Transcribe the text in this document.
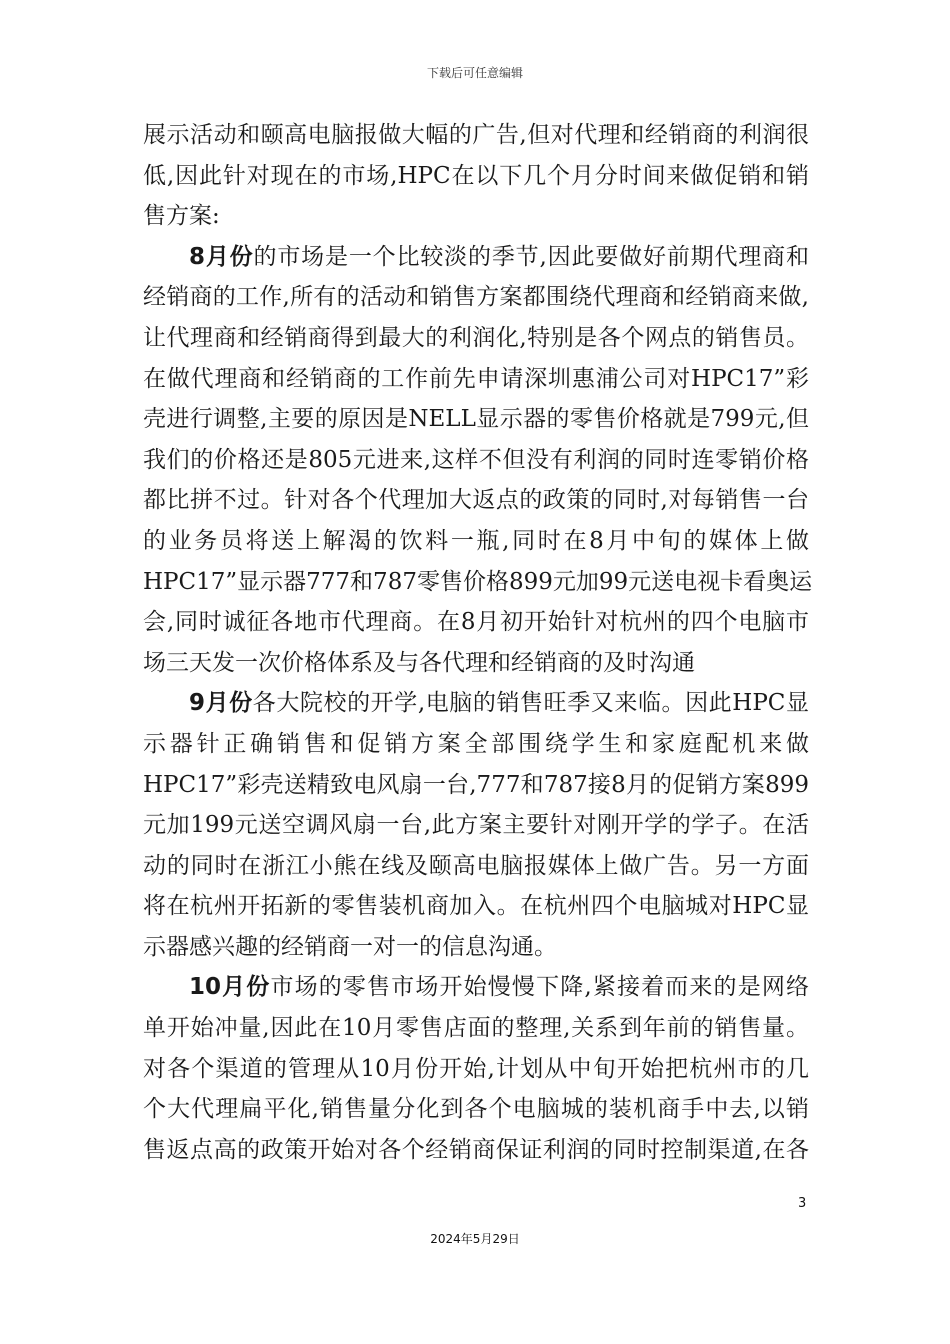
下载后可任意编辑
展示活动和颐高电脑报做大幅的广告,但对代理和经销商的利润很
低,因此针对现在的市场,HPC在以下几个月分时间来做促销和销
售方案:
8月份的市场是一个比较淡的季节,因此要做好前期代理商和
经销商的工作,所有的活动和销售方案都围绕代理商和经销商来做,
让代理商和经销商得到最大的利润化,特别是各个网点的销售员。
在做代理商和经销商的工作前先申请深圳惠浦公司对HPC17”彩
壳进行调整,主要的原因是NELL显示器的零售价格就是799元,但
我们的价格还是805元进来,这样不但没有利润的同时连零销价格
都比拼不过。针对各个代理加大返点的政策的同时,对每销售一台
的业务员将送上解渴的饮料一瓶,同时在8月中旬的媒体上做
HPC17”显示器777和787零售价格899元加99元送电视卡看奥运
会,同时诚征各地市代理商。在8月初开始针对杭州的四个电脑市
场三天发一次价格体系及与各代理和经销商的及时沟通
9月份各大院校的开学,电脑的销售旺季又来临。因此HPC显
示器针正确销售和促销方案全部围绕学生和家庭配机来做
HPC17”彩壳送精致电风扇一台,777和787接8月的促销方案899
元加199元送空调风扇一台,此方案主要针对刚开学的学子。在活
动的同时在浙江小熊在线及颐高电脑报媒体上做广告。另一方面
将在杭州开拓新的零售装机商加入。在杭州四个电脑城对HPC显
示器感兴趣的经销商一对一的信息沟通。
10月份市场的零售市场开始慢慢下降,紧接着而来的是网络
单开始冲量,因此在10月零售店面的整理,关系到年前的销售量。
对各个渠道的管理从10月份开始,计划从中旬开始把杭州市的几
个大代理扁平化,销售量分化到各个电脑城的装机商手中去,以销
售返点高的政策开始对各个经销商保证利润的同时控制渠道,在各
3
2024年5月29日
